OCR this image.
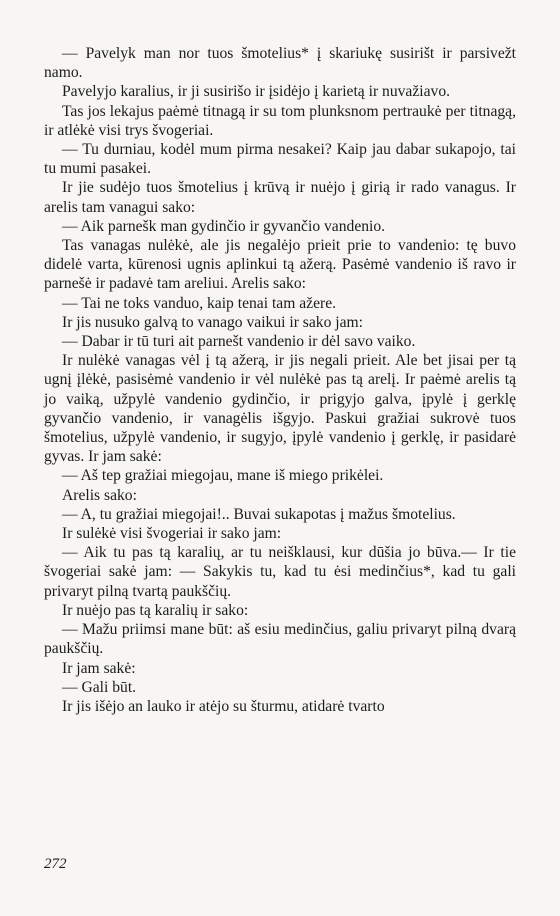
— Pavelyk man nor tuos šmotelius* į skariukę susirišt ir parsivežt namo.

Pavelyjo karalius, ir ji susirišo ir įsidėjo į karietą ir nuvažiavo.

Tas jos lekajus paėmė titnagą ir su tom plunksnom pertraukė per titnagą, ir atlėkė visi trys švogeriai.

— Tu durniau, kodėl mum pirma nesakei? Kaip jau dabar sukapojo, tai tu mumi pasakei.

Ir jie sudėjo tuos šmotelius į krūvą ir nuėjo į girią ir rado vanagus. Ir arelis tam vanagui sako:

— Aik parnešk man gydinčio ir gyvančio vandenio.

Tas vanagas nulėkė, ale jis negalėjo prieit prie to vandenio: tę buvo didelė varta, kūrenosi ugnis aplinkui tą ažerą. Pasėmė vandenio iš ravo ir parnešė ir padavė tam areliui. Arelis sako:

— Tai ne toks vanduo, kaip tenai tam ažere.

Ir jis nusuko galvą to vanago vaikui ir sako jam:

— Dabar ir tū turi ait parnešt vandenio ir dėl savo vaiko.

Ir nulėkė vanagas vėl į tą ažerą, ir jis negali prieit. Ale bet jisai per tą ugnį įlėkė, pasisėmė vandenio ir vėl nulėkė pas tą arelį. Ir paėmė arelis tą jo vaiką, užpylė vandenio gydinčio, ir prigyjo galva, įpylė į gerklę gyvančio vandenio, ir vanagėlis išgyjo. Paskui gražiai sukrovė tuos šmotelius, užpylė vandenio, ir sugyjo, įpylė vandenio į gerklę, ir pasidarė gyvas. Ir jam sakė:

— Aš tep gražiai miegojau, mane iš miego prikėlei.

Arelis sako:

— A, tu gražiai miegojai!.. Buvai sukapotas į mažus šmotelius.

Ir sulėkė visi švogeriai ir sako jam:

— Aik tu pas tą karalių, ar tu neišklausi, kur dūšia jo būva.— Ir tie švogeriai sakė jam: — Sakykis tu, kad tu ėsi medinčius*, kad tu gali privaryt pilną tvartą paukščių.

Ir nuėjo pas tą karalių ir sako:

— Mažu priimsi mane būt: aš esiu medinčius, galiu privaryt pilną dvarą paukščių.

Ir jam sakė:

— Gali būt.

Ir jis išėjo an lauko ir atėjo su šturmu, atidarė tvarto

272
